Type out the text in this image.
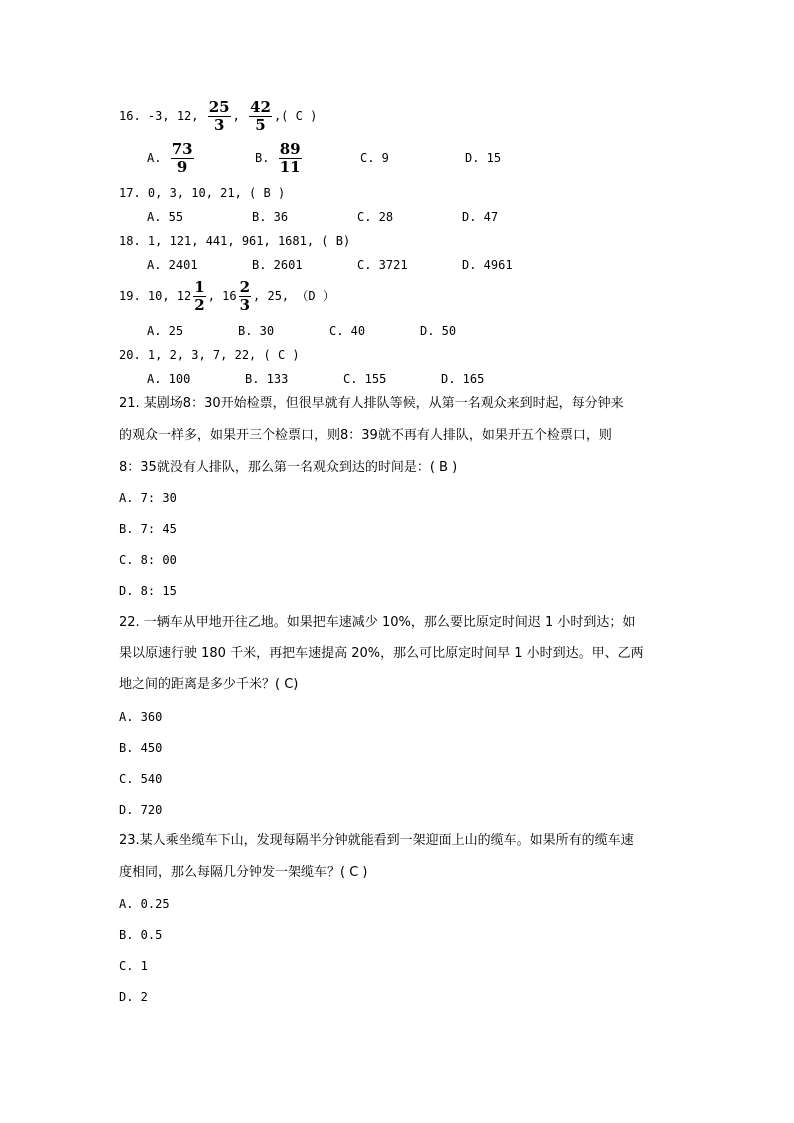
16. -3, 12, $\frac{25}{3}$ , $\frac{42}{5}$ ,( C )
A. $\frac{73}{9}$	B. $\frac{89}{11}$	C. 9	D. 15
17. 0, 3, 10, 21, ( B )
A. 55	B. 36	C. 28	D. 47
18. 1, 121, 441, 961, 1681, ( B)
A. 2401	B. 2601	C. 3721	D. 4961
19. 10, $12 \frac{1}{2}$ , $16 \frac{2}{3}$ , 25, （D ）
A. 25	B. 30	C. 40	D. 50
20. 1, 2, 3, 7, 22, ( C )
A. 100	B. 133	C. 155	D. 165
21. 某剧场8：30开始检票，但很早就有人排队等候，从第一名观众来到时起，每分钟来
的观众一样多，如果开三个检票口，则8：39就不再有人排队，如果开五个检票口，则
8：35就没有人排队，那么第一名观众到达的时间是：( B )
A. 7: 30
B. 7: 45
C. 8: 00
D. 8: 15
22. 一辆车从甲地开往乙地。如果把车速减少 10%，那么要比原定时间迟 1 小时到达；如
果以原速行驶 180 千米，再把车速提高 20%，那么可比原定时间早 1 小时到达。甲、乙两
地之间的距离是多少千米？( C)
A. 360
B. 450
C. 540
D. 720
23.某人乘坐缆车下山，发现每隔半分钟就能看到一架迎面上山的缆车。如果所有的缆车速
度相同，那么每隔几分钟发一架缆车？( C )
A. 0.25
B. 0.5
C. 1
D. 2
